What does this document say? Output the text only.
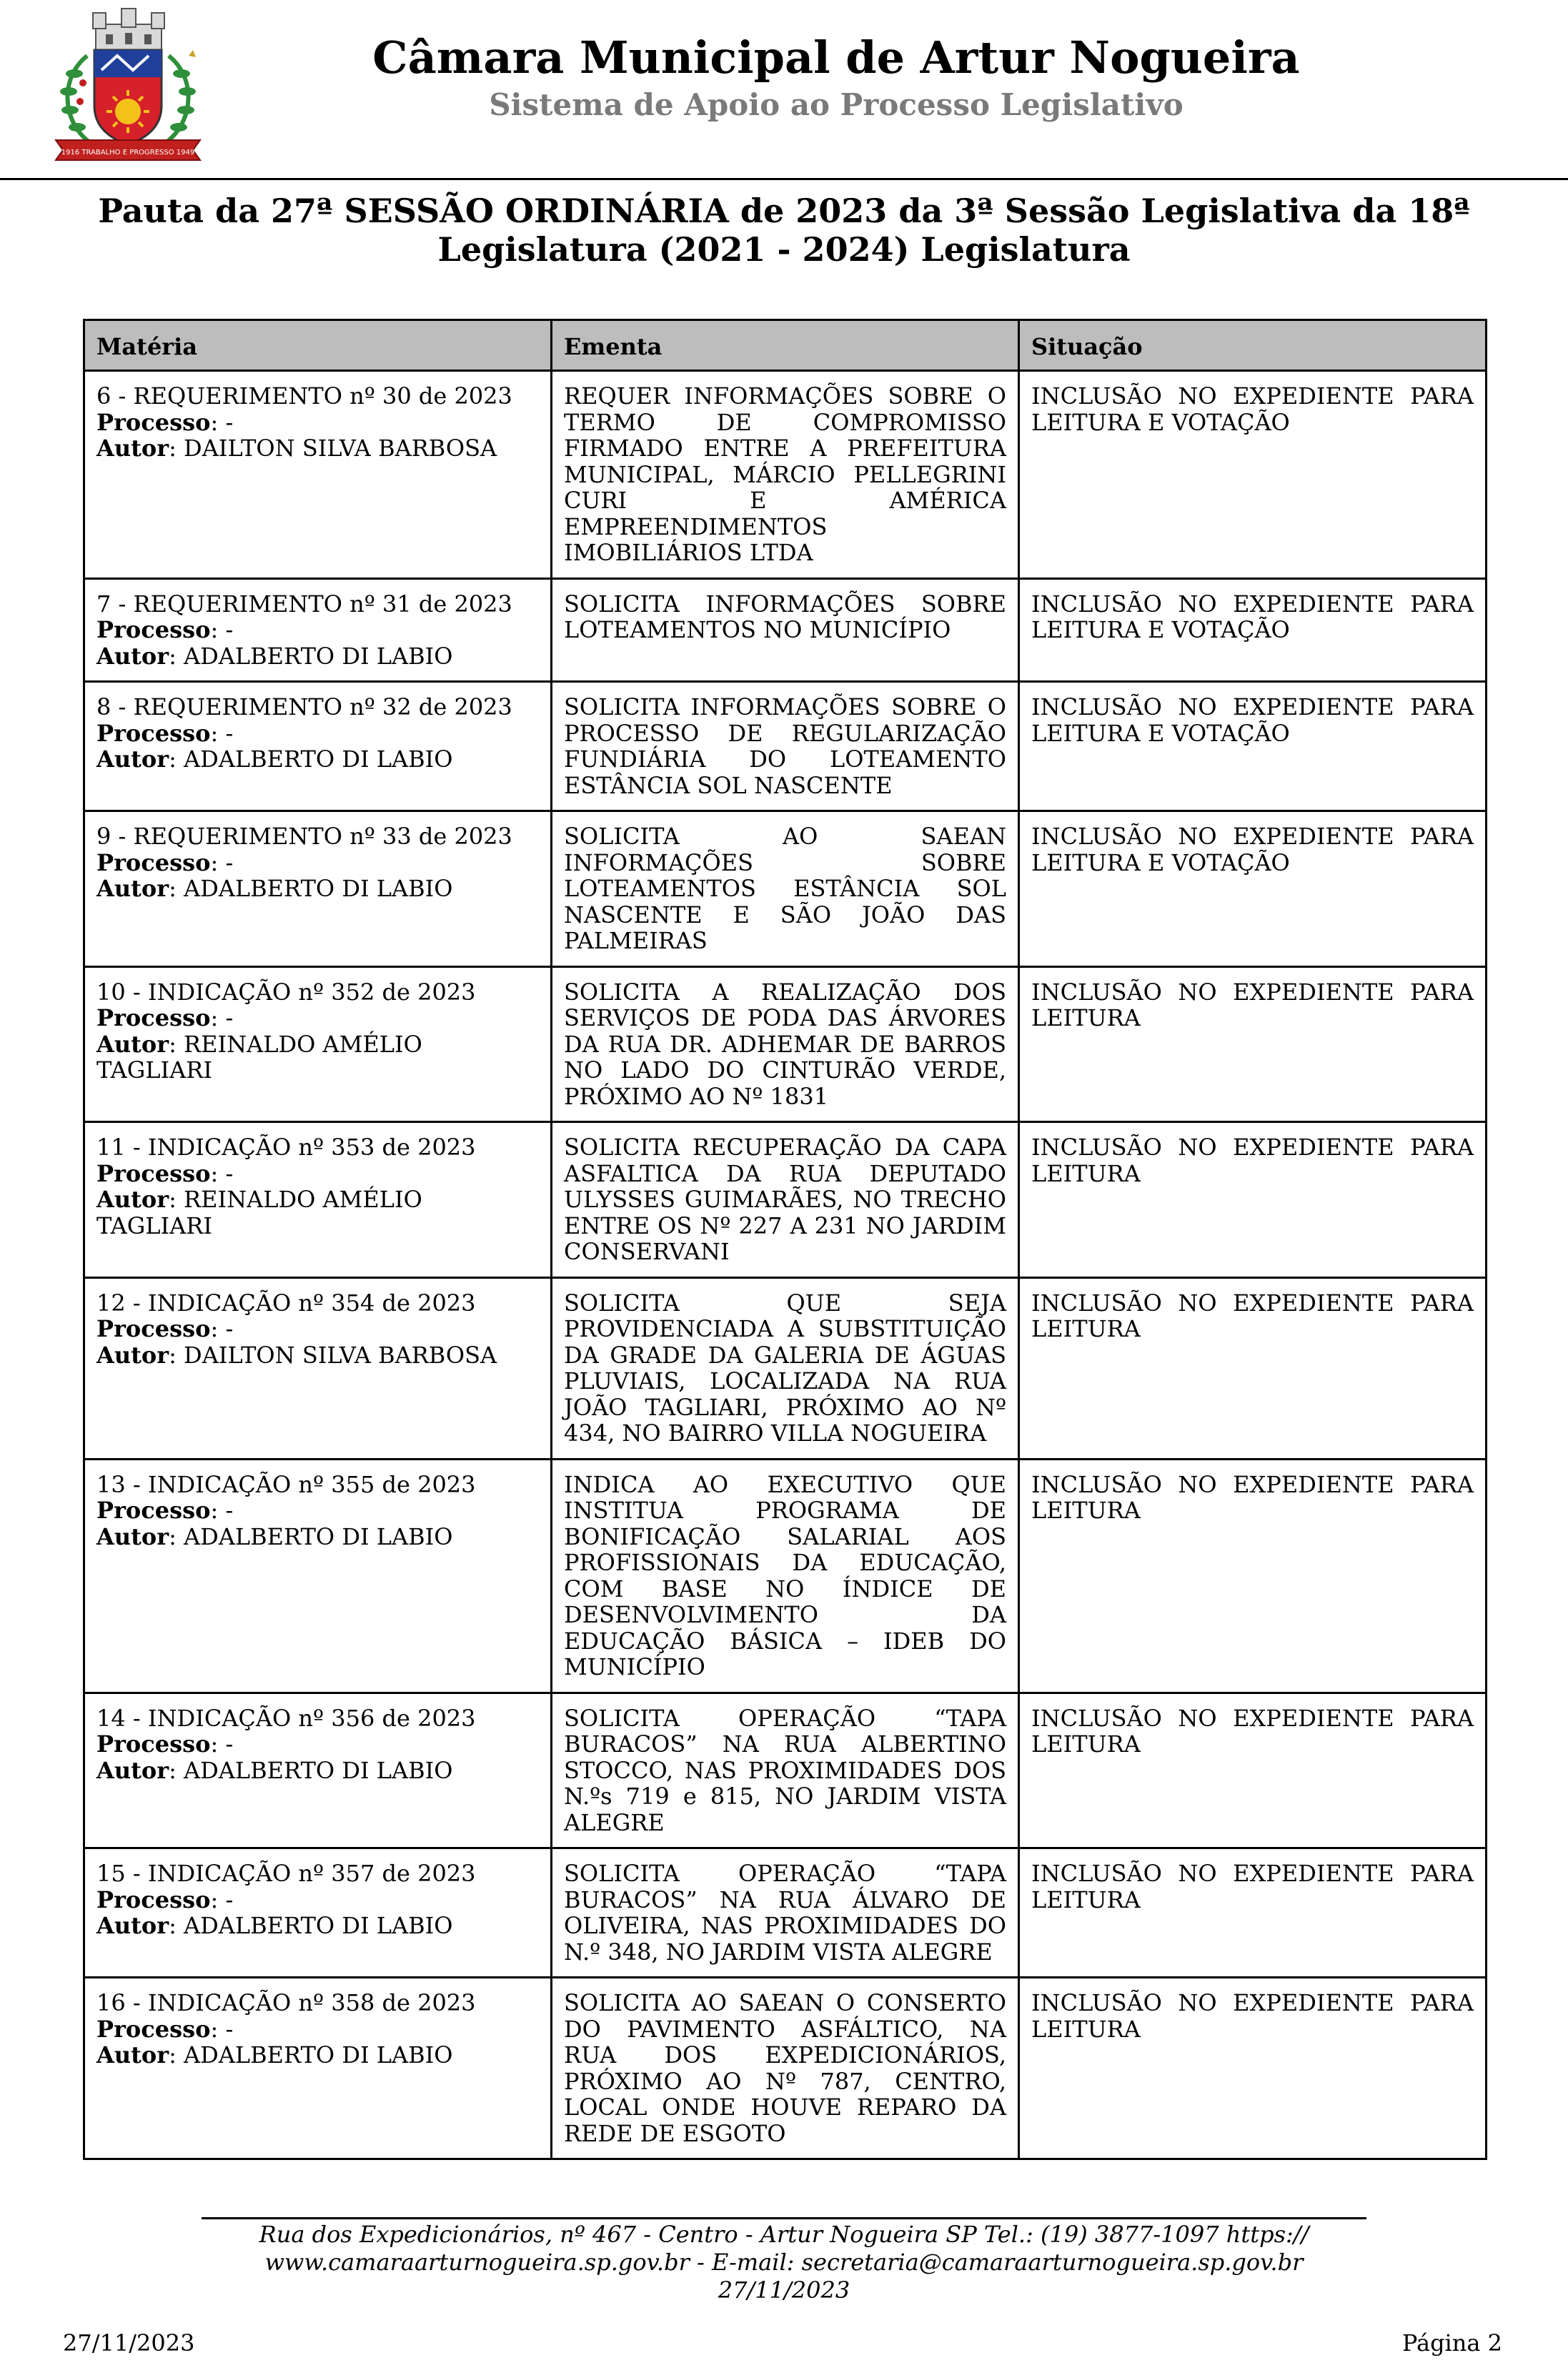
1916 TRABALHO E PROGRESSO 1949
Câmara Municipal de Artur Nogueira
Sistema de Apoio ao Processo Legislativo
Pauta da 27ª SESSÃO ORDINÁRIA de 2023 da 3ª Sessão Legislativa da 18ª Legislatura (2021 - 2024) Legislatura
Matéria	Ementa	Situação

6 - REQUERIMENTO nº 30 de 2023
Processo: -
Autor: DAILTON SILVA BARBOSA	REQUER INFORMAÇÕES SOBRE O TERMO DE COMPROMISSO FIRMADO ENTRE A PREFEITURA MUNICIPAL, MÁRCIO PELLEGRINI CURI E AMÉRICA EMPREENDIMENTOS IMOBILIÁRIOS LTDA	INCLUSÃO NO EXPEDIENTE PARA LEITURA E VOTAÇÃO

7 - REQUERIMENTO nº 31 de 2023
Processo: -
Autor: ADALBERTO DI LABIO	SOLICITA INFORMAÇÕES SOBRE LOTEAMENTOS NO MUNICÍPIO	INCLUSÃO NO EXPEDIENTE PARA LEITURA E VOTAÇÃO

8 - REQUERIMENTO nº 32 de 2023
Processo: -
Autor: ADALBERTO DI LABIO	SOLICITA INFORMAÇÕES SOBRE O PROCESSO DE REGULARIZAÇÃO FUNDIÁRIA DO LOTEAMENTO ESTÂNCIA SOL NASCENTE	INCLUSÃO NO EXPEDIENTE PARA LEITURA E VOTAÇÃO

9 - REQUERIMENTO nº 33 de 2023
Processo: -
Autor: ADALBERTO DI LABIO	SOLICITA AO SAEAN INFORMAÇÕES SOBRE LOTEAMENTOS ESTÂNCIA SOL NASCENTE E SÃO JOÃO DAS PALMEIRAS	INCLUSÃO NO EXPEDIENTE PARA LEITURA E VOTAÇÃO

10 - INDICAÇÃO nº 352 de 2023
Processo: -
Autor: REINALDO AMÉLIO TAGLIARI	SOLICITA A REALIZAÇÃO DOS SERVIÇOS DE PODA DAS ÁRVORES DA RUA DR. ADHEMAR DE BARROS NO LADO DO CINTURÃO VERDE, PRÓXIMO AO Nº 1831	INCLUSÃO NO EXPEDIENTE PARA LEITURA

11 - INDICAÇÃO nº 353 de 2023
Processo: -
Autor: REINALDO AMÉLIO TAGLIARI	SOLICITA RECUPERAÇÃO DA CAPA ASFALTICA DA RUA DEPUTADO ULYSSES GUIMARÃES, NO TRECHO ENTRE OS Nº 227 A 231 NO JARDIM CONSERVANI	INCLUSÃO NO EXPEDIENTE PARA LEITURA

12 - INDICAÇÃO nº 354 de 2023
Processo: -
Autor: DAILTON SILVA BARBOSA	SOLICITA QUE SEJA PROVIDENCIADA A SUBSTITUIÇÃO DA GRADE DA GALERIA DE ÁGUAS PLUVIAIS, LOCALIZADA NA RUA JOÃO TAGLIARI, PRÓXIMO AO Nº 434, NO BAIRRO VILLA NOGUEIRA	INCLUSÃO NO EXPEDIENTE PARA LEITURA

13 - INDICAÇÃO nº 355 de 2023
Processo: -
Autor: ADALBERTO DI LABIO	INDICA AO EXECUTIVO QUE INSTITUA PROGRAMA DE BONIFICAÇÃO SALARIAL AOS PROFISSIONAIS DA EDUCAÇÃO, COM BASE NO ÍNDICE DE DESENVOLVIMENTO DA EDUCAÇÃO BÁSICA – IDEB DO MUNICÍPIO	INCLUSÃO NO EXPEDIENTE PARA LEITURA

14 - INDICAÇÃO nº 356 de 2023
Processo: -
Autor: ADALBERTO DI LABIO	SOLICITA OPERAÇÃO “TAPA BURACOS” NA RUA ALBERTINO STOCCO, NAS PROXIMIDADES DOS N.ºs 719 e 815, NO JARDIM VISTA ALEGRE	INCLUSÃO NO EXPEDIENTE PARA LEITURA

15 - INDICAÇÃO nº 357 de 2023
Processo: -
Autor: ADALBERTO DI LABIO	SOLICITA OPERAÇÃO “TAPA BURACOS” NA RUA ÁLVARO DE OLIVEIRA, NAS PROXIMIDADES DO N.º 348, NO JARDIM VISTA ALEGRE	INCLUSÃO NO EXPEDIENTE PARA LEITURA

16 - INDICAÇÃO nº 358 de 2023
Processo: -
Autor: ADALBERTO DI LABIO	SOLICITA AO SAEAN O CONSERTO DO PAVIMENTO ASFÁLTICO, NA RUA DOS EXPEDICIONÁRIOS, PRÓXIMO AO Nº 787, CENTRO, LOCAL ONDE HOUVE REPARO DA REDE DE ESGOTO	INCLUSÃO NO EXPEDIENTE PARA LEITURA
Rua dos Expedicionários, nº 467 - Centro - Artur Nogueira SP Tel.: (19) 3877-1097 https://
www.camaraarturnogueira.sp.gov.br - E-mail: secretaria@camaraarturnogueira.sp.gov.br
27/11/2023
27/11/2023	Página 2
